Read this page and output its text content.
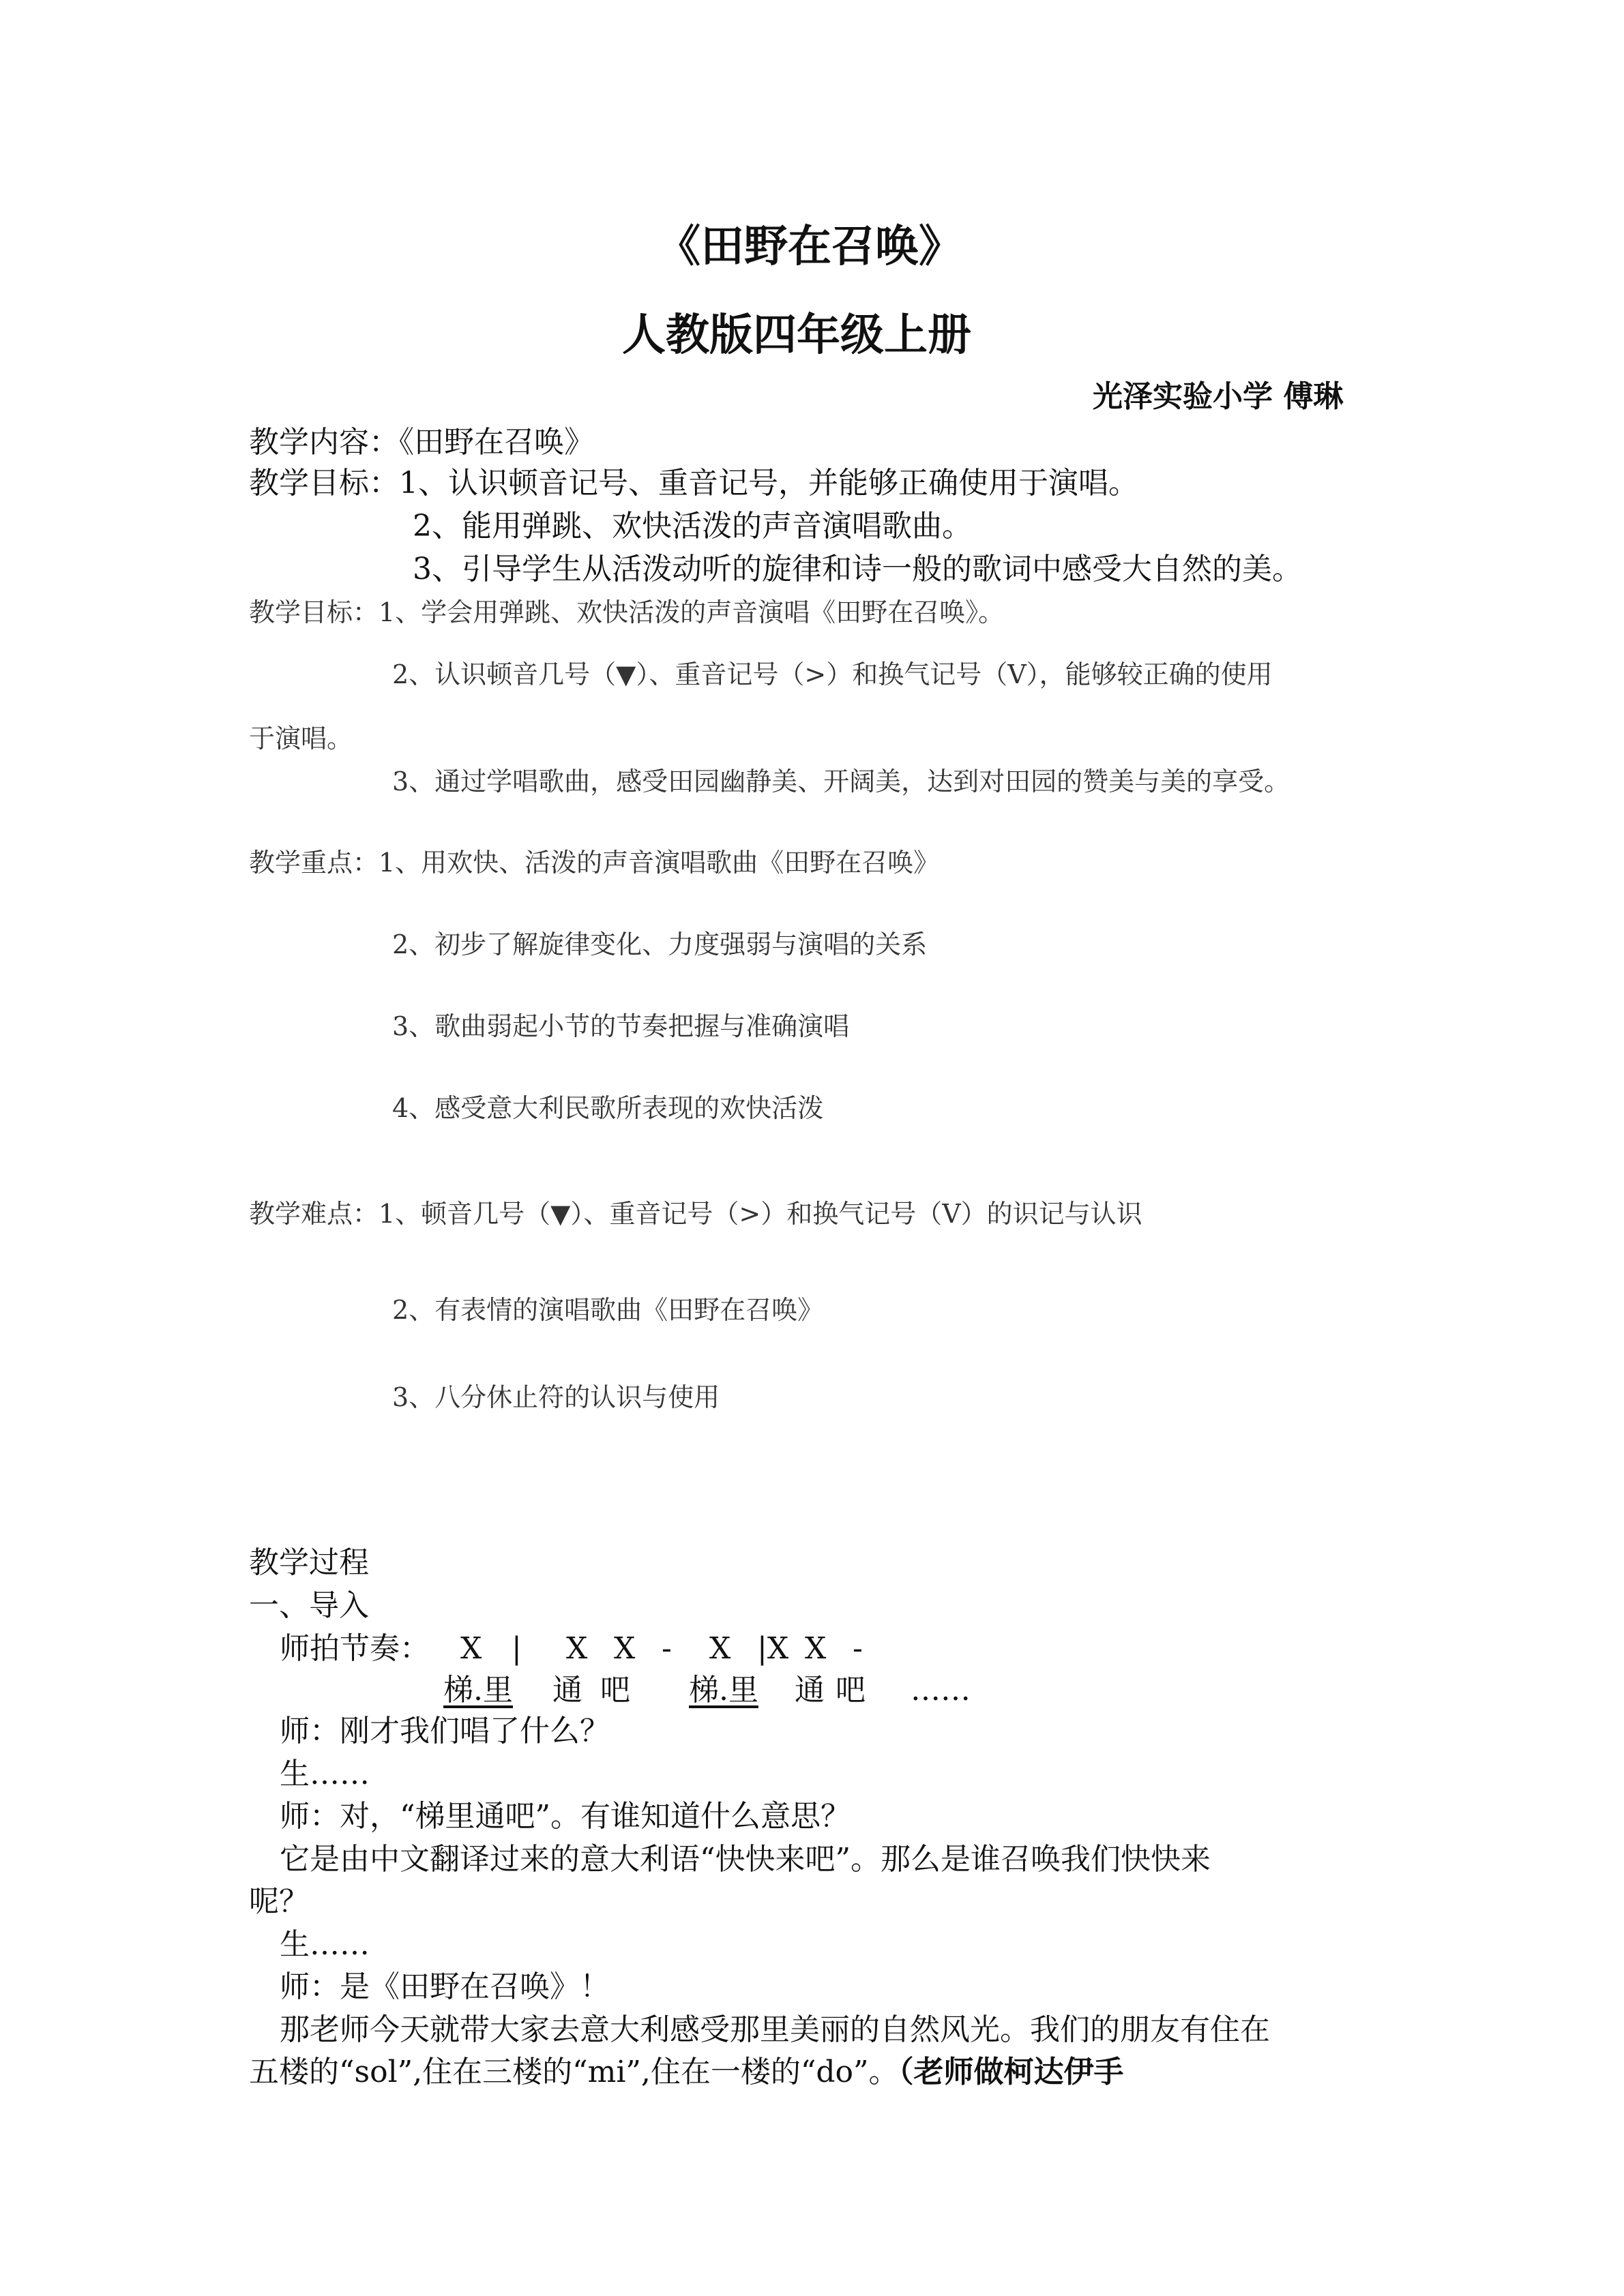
《田野在召唤》
人教版四年级上册
光泽实验小学 傅琳
教学内容：《田野在召唤》
教学目标：1、认识顿音记号、重音记号，并能够正确使用于演唱。
2、能用弹跳、欢快活泼的声音演唱歌曲。
3、引导学生从活泼动听的旋律和诗一般的歌词中感受大自然的美。
教学目标：1、学会用弹跳、欢快活泼的声音演唱《田野在召唤》。
2、认识顿音几号（▼）、重音记号（>）和换气记号（V），能够较正确的使用
于演唱。
3、通过学唱歌曲，感受田园幽静美、开阔美，达到对田园的赞美与美的享受。
教学重点：1、用欢快、活泼的声音演唱歌曲《田野在召唤》
2、初步了解旋律变化、力度强弱与演唱的关系
3、歌曲弱起小节的节奏把握与准确演唱
4、感受意大利民歌所表现的欢快活泼
教学难点：1、顿音几号（▼）、重音记号（>）和换气记号（V）的识记与认识
2、有表情的演唱歌曲《田野在召唤》
3、八分休止符的认识与使用
教学过程
一、导入
师拍节奏： X | X X - X |X X -
梯.里 通 吧 梯.里 通 吧 ……
师：刚才我们唱了什么？
生……
师：对，“梯里通吧”。有谁知道什么意思？
它是由中文翻译过来的意大利语“快快来吧”。那么是谁召唤我们快快来
呢？
生……
师：是《田野在召唤》！
那老师今天就带大家去意大利感受那里美丽的自然风光。我们的朋友有住在
五楼的“sol”,住在三楼的“mi”,住在一楼的“do”。（老师做柯达伊手
